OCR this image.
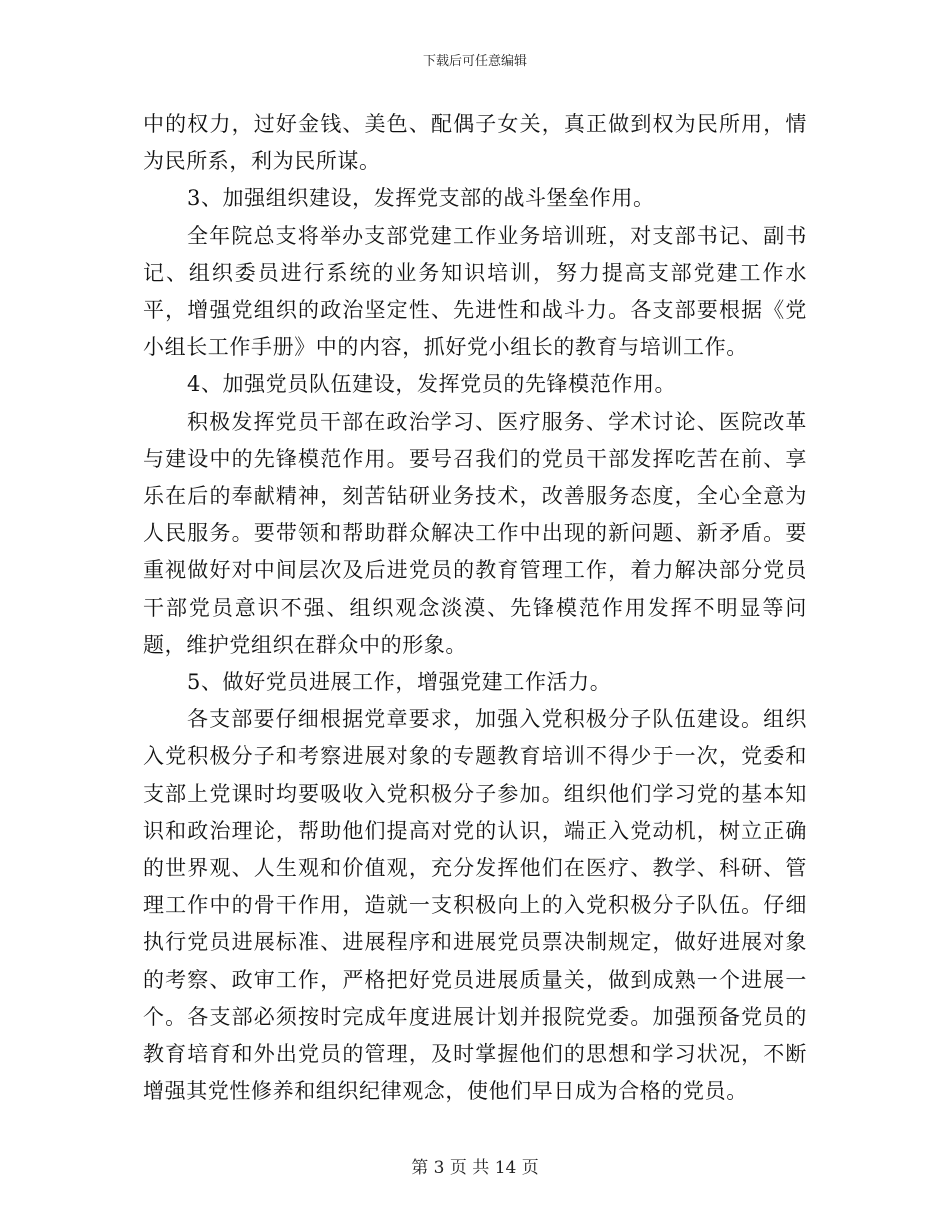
下载后可任意编辑

中的权力，过好金钱、美色、配偶子女关，真正做到权为民所用，情为民所系，利为民所谋。

3、加强组织建设，发挥党支部的战斗堡垒作用。

全年院总支将举办支部党建工作业务培训班，对支部书记、副书记、组织委员进行系统的业务知识培训，努力提高支部党建工作水平，增强党组织的政治坚定性、先进性和战斗力。各支部要根据《党小组长工作手册》中的内容，抓好党小组长的教育与培训工作。

4、加强党员队伍建设，发挥党员的先锋模范作用。

积极发挥党员干部在政治学习、医疗服务、学术讨论、医院改革与建设中的先锋模范作用。要号召我们的党员干部发挥吃苦在前、享乐在后的奉献精神，刻苦钻研业务技术，改善服务态度，全心全意为人民服务。要带领和帮助群众解决工作中出现的新问题、新矛盾。要重视做好对中间层次及后进党员的教育管理工作，着力解决部分党员干部党员意识不强、组织观念淡漠、先锋模范作用发挥不明显等问题，维护党组织在群众中的形象。

5、做好党员进展工作，增强党建工作活力。

各支部要仔细根据党章要求，加强入党积极分子队伍建设。组织入党积极分子和考察进展对象的专题教育培训不得少于一次，党委和支部上党课时均要吸收入党积极分子参加。组织他们学习党的基本知识和政治理论，帮助他们提高对党的认识，端正入党动机，树立正确的世界观、人生观和价值观，充分发挥他们在医疗、教学、科研、管理工作中的骨干作用，造就一支积极向上的入党积极分子队伍。仔细执行党员进展标准、进展程序和进展党员票决制规定，做好进展对象的考察、政审工作，严格把好党员进展质量关，做到成熟一个进展一个。各支部必须按时完成年度进展计划并报院党委。加强预备党员的教育培育和外出党员的管理，及时掌握他们的思想和学习状况，不断增强其党性修养和组织纪律观念，使他们早日成为合格的党员。

第 3 页 共 14 页
